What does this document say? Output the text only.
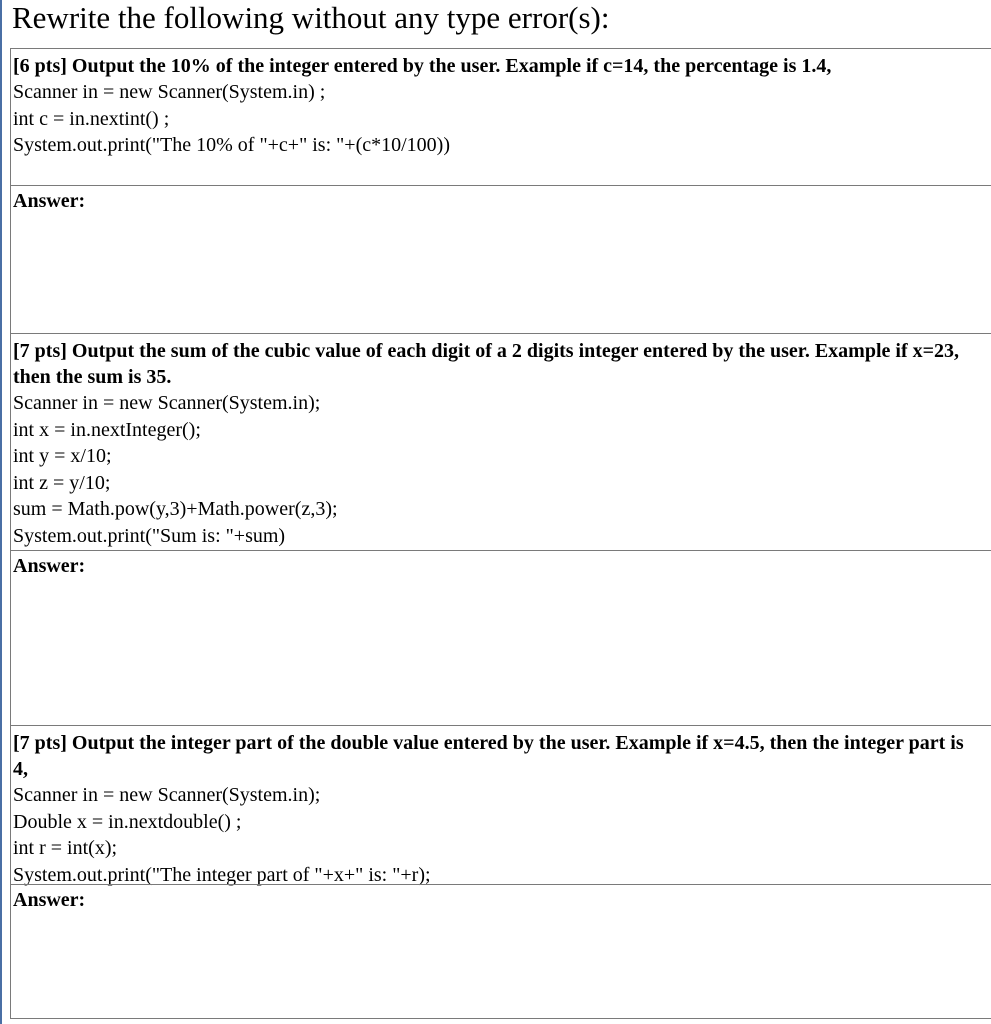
Rewrite the following without any type error(s):
[6 pts] Output the 10% of the integer entered by the user. Example if c=14, the percentage is 1.4,
Scanner in = new Scanner(System.in) ;
int c = in.nextint() ;
System.out.print("The 10% of "+c+" is: "+(c*10/100))
Answer:
[7 pts] Output the sum of the cubic value of each digit of a 2 digits integer entered by the user. Example if x=23, then the sum is 35.
Scanner in = new Scanner(System.in);
int x = in.nextInteger();
int y = x/10;
int z = y/10;
sum = Math.pow(y,3)+Math.power(z,3);
System.out.print("Sum is: "+sum)
Answer:
[7 pts] Output the integer part of the double value entered by the user. Example if x=4.5, then the integer part is 4,
Scanner in = new Scanner(System.in);
Double x = in.nextdouble() ;
int r = int(x);
System.out.print("The integer part of "+x+" is: "+r);
Answer:
